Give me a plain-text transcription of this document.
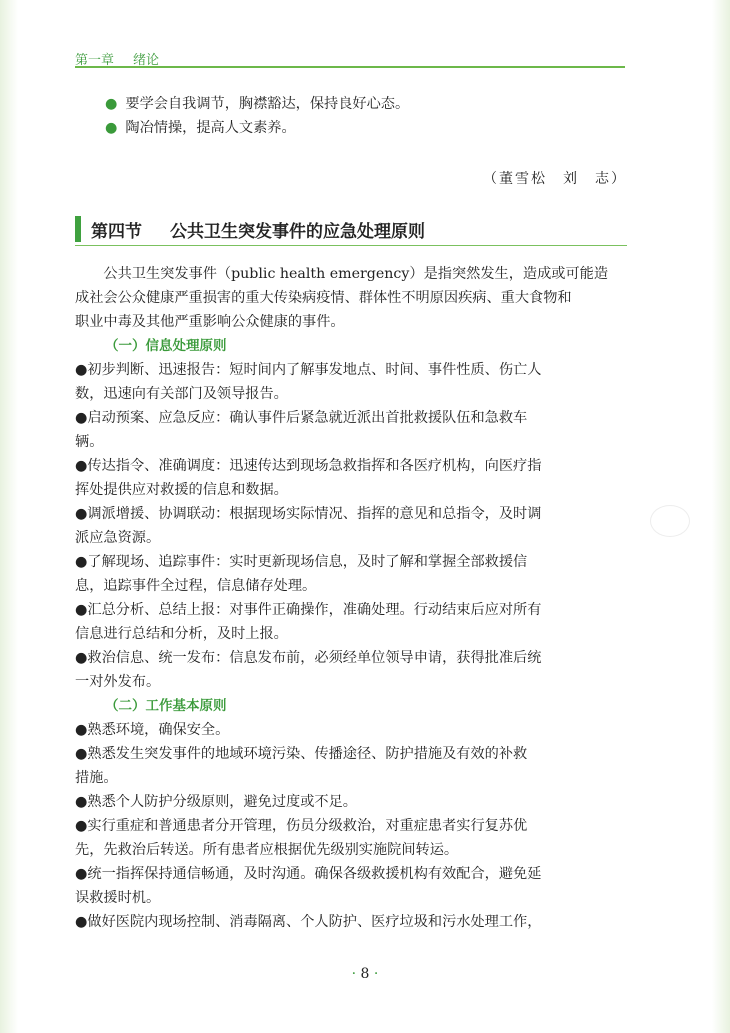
第一章 绪论
● 要学会自我调节，胸襟豁达，保持良好心态。
● 陶冶情操，提高人文素养。
（董雪松　刘　志）
第四节 公共卫生突发事件的应急处理原则
　　公共卫生突发事件（public health emergency）是指突然发生，造成或可能造
成社会公众健康严重损害的重大传染病疫情、群体性不明原因疾病、重大食物和
职业中毒及其他严重影响公众健康的事件。
（一）信息处理原则
●初步判断、迅速报告：短时间内了解事发地点、时间、事件性质、伤亡人
数，迅速向有关部门及领导报告。
●启动预案、应急反应：确认事件后紧急就近派出首批救援队伍和急救车
辆。
●传达指令、准确调度：迅速传达到现场急救指挥和各医疗机构，向医疗指
挥处提供应对救援的信息和数据。
●调派增援、协调联动：根据现场实际情况、指挥的意见和总指令，及时调
派应急资源。
●了解现场、追踪事件：实时更新现场信息，及时了解和掌握全部救援信
息，追踪事件全过程，信息储存处理。
●汇总分析、总结上报：对事件正确操作，准确处理。行动结束后应对所有
信息进行总结和分析，及时上报。
●救治信息、统一发布：信息发布前，必须经单位领导申请，获得批准后统
一对外发布。
（二）工作基本原则
●熟悉环境，确保安全。
●熟悉发生突发事件的地域环境污染、传播途径、防护措施及有效的补救
措施。
●熟悉个人防护分级原则，避免过度或不足。
●实行重症和普通患者分开管理，伤员分级救治，对重症患者实行复苏优
先，先救治后转送。所有患者应根据优先级别实施院间转运。
●统一指挥保持通信畅通，及时沟通。确保各级救援机构有效配合，避免延
误救援时机。
●做好医院内现场控制、消毒隔离、个人防护、医疗垃圾和污水处理工作，
· 8 ·
